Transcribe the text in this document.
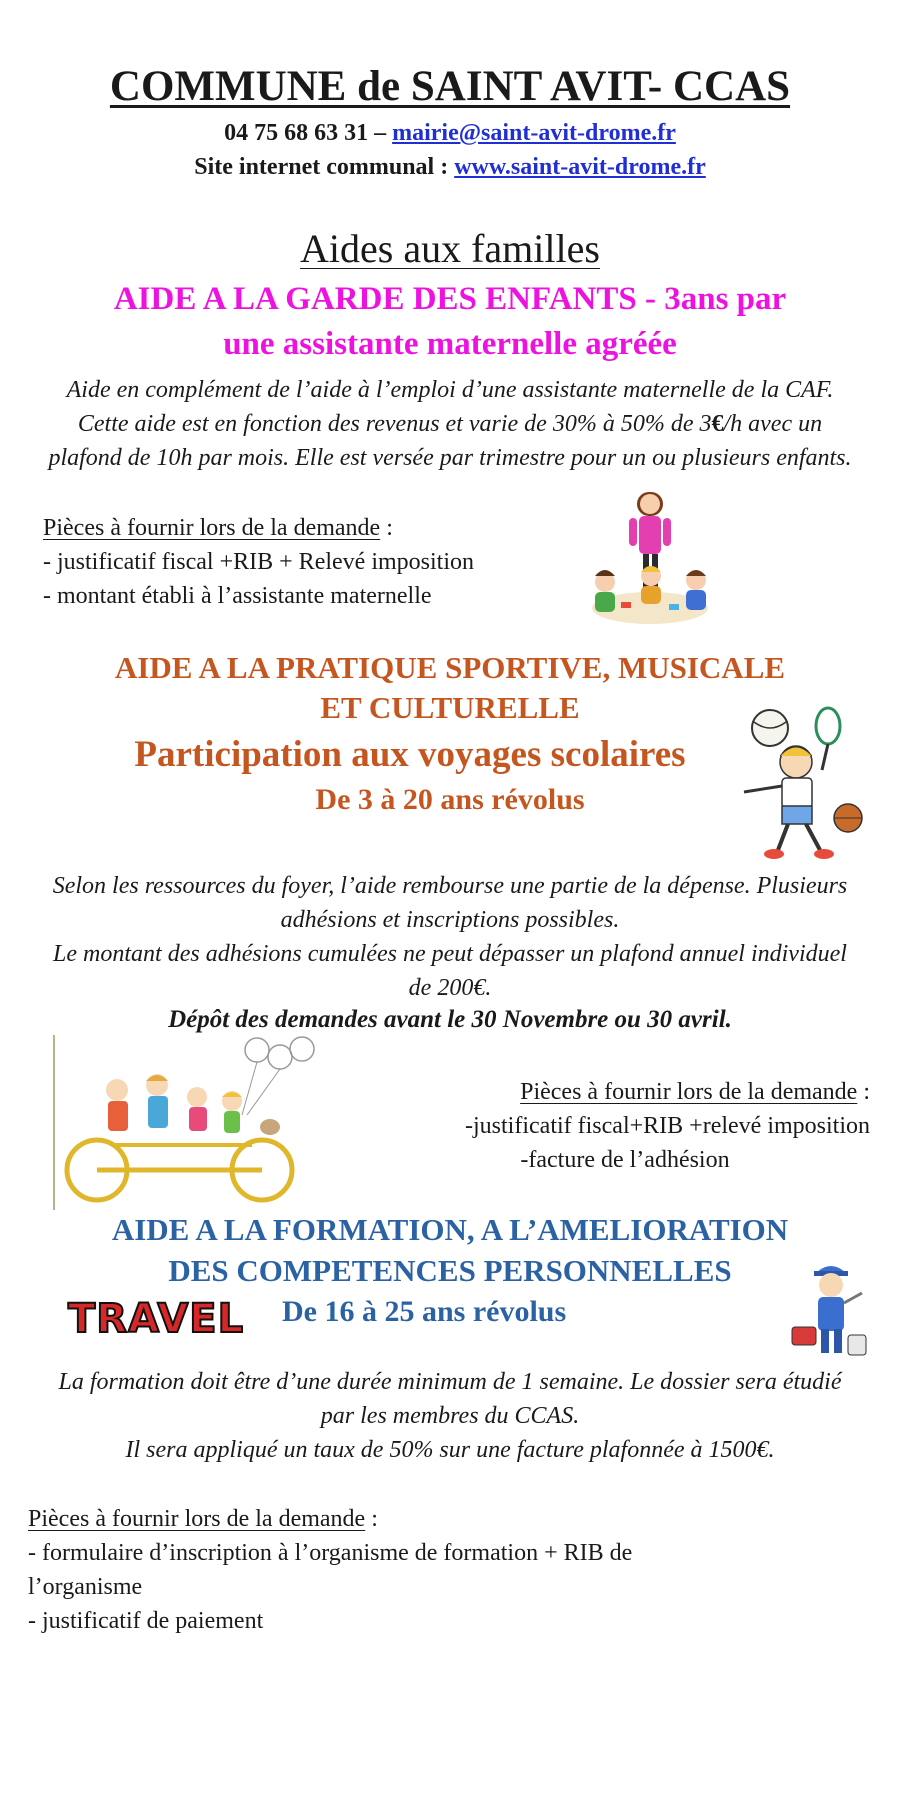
COMMUNE de SAINT AVIT- CCAS
04 75 68 63 31 – mairie@saint-avit-drome.fr
Site internet communal : www.saint-avit-drome.fr
Aides aux familles
AIDE A LA GARDE DES ENFANTS - 3ans par
une assistante maternelle agréée
Aide en complément de l’aide à l’emploi d’une assistante maternelle de la CAF.
Cette aide est en fonction des revenus et varie de 30% à 50% de 3€/h avec un
plafond de 10h par mois. Elle est versée par trimestre pour un ou plusieurs enfants.
Pièces à fournir lors de la demande :
- justificatif fiscal +RIB + Relevé imposition
- montant établi à l’assistante maternelle
AIDE A LA PRATIQUE SPORTIVE, MUSICALE
ET CULTURELLE
Participation aux voyages scolaires
De 3 à 20 ans révolus
Selon les ressources du foyer, l’aide rembourse une partie de la dépense. Plusieurs
adhésions et inscriptions possibles.
Le montant des adhésions cumulées ne peut dépasser un plafond annuel individuel
de 200€.
Dépôt des demandes avant le 30 Novembre ou 30 avril.
Pièces à fournir lors de la demande :
-justificatif fiscal+RIB +relevé imposition
-facture de l’adhésion
AIDE A LA FORMATION, A L’AMELIORATION
DES COMPETENCES PERSONNELLES
De 16 à 25 ans révolus
TRAVEL
La formation doit être d’une durée minimum de 1 semaine. Le dossier sera étudié
par les membres du CCAS.
Il sera appliqué un taux de 50% sur une facture plafonnée à 1500€.
Pièces à fournir lors de la demande :
- formulaire d’inscription à l’organisme de formation + RIB de
l’organisme
- justificatif de paiement
